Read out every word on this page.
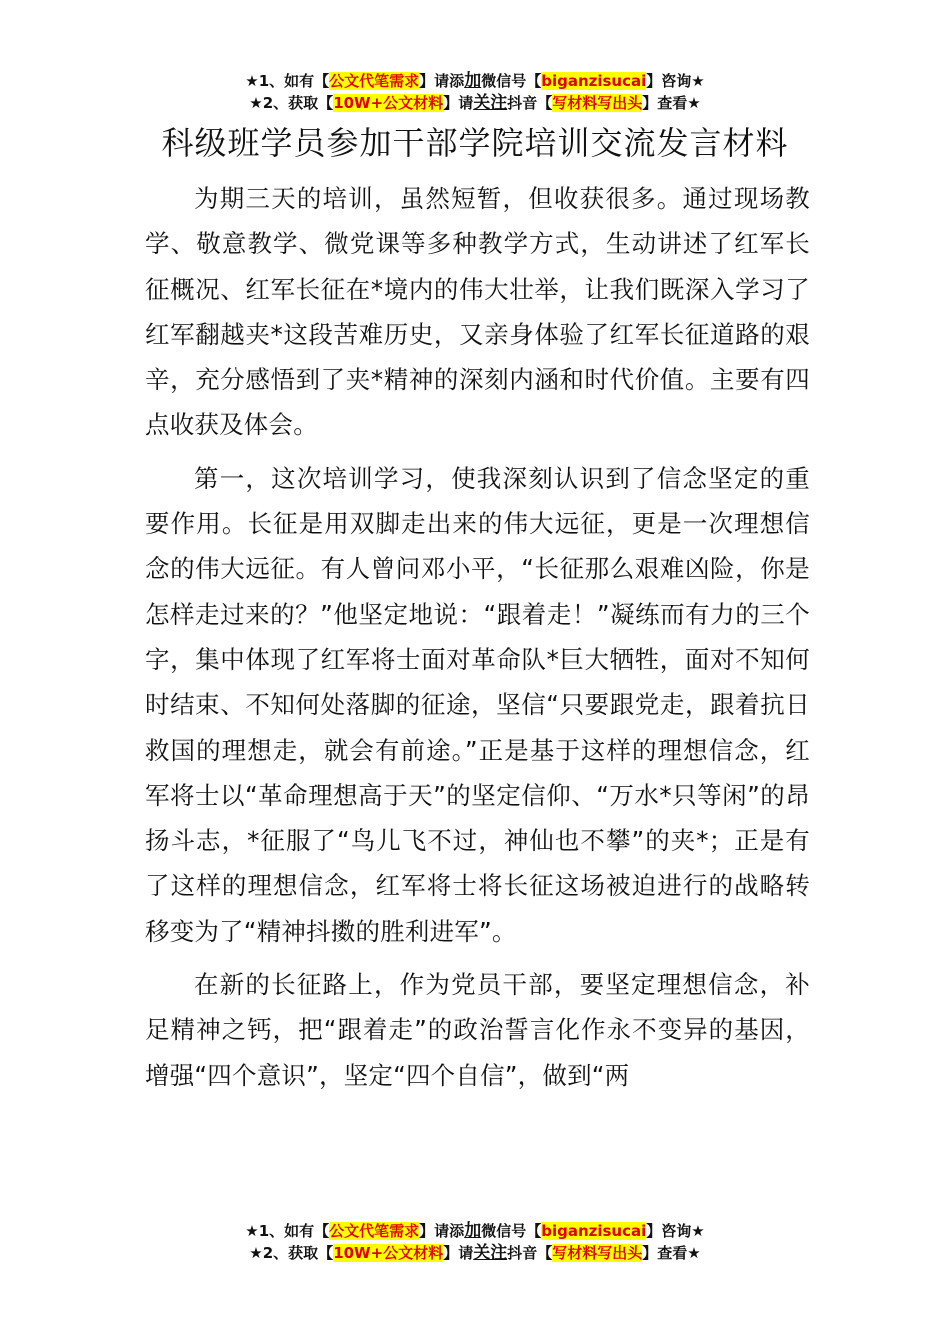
★1、如有【公文代笔需求】请添加微信号【biganzisucai】咨询★
★2、获取【10W+公文材料】请关注抖音【写材料写出头】查看★
科级班学员参加干部学院培训交流发言材料

为期三天的培训，虽然短暂，但收获很多。通过现场教学、敬意教学、微党课等多种教学方式，生动讲述了红军长征概况、红军长征在*境内的伟大壮举，让我们既深入学习了红军翻越夹*这段苦难历史，又亲身体验了红军长征道路的艰辛，充分感悟到了夹*精神的深刻内涵和时代价值。主要有四点收获及体会。

第一，这次培训学习，使我深刻认识到了信念坚定的重要作用。长征是用双脚走出来的伟大远征，更是一次理想信念的伟大远征。有人曾问邓小平，“长征那么艰难凶险，你是怎样走过来的？”他坚定地说：“跟着走！”凝练而有力的三个字，集中体现了红军将士面对革命队*巨大牺牲，面对不知何时结束、不知何处落脚的征途，坚信“只要跟党走，跟着抗日救国的理想走，就会有前途。”正是基于这样的理想信念，红军将士以“革命理想高于天”的坚定信仰、“万水*只等闲”的昂扬斗志，*征服了“鸟儿飞不过，神仙也不攀”的夹*；正是有了这样的理想信念，红军将士将长征这场被迫进行的战略转移变为了“精神抖擞的胜利进军”。

在新的长征路上，作为党员干部，要坚定理想信念，补足精神之钙，把“跟着走”的政治誓言化作永不变异的基因，增强“四个意识”，坚定“四个自信”，做到“两

★1、如有【公文代笔需求】请添加微信号【biganzisucai】咨询★
★2、获取【10W+公文材料】请关注抖音【写材料写出头】查看★
